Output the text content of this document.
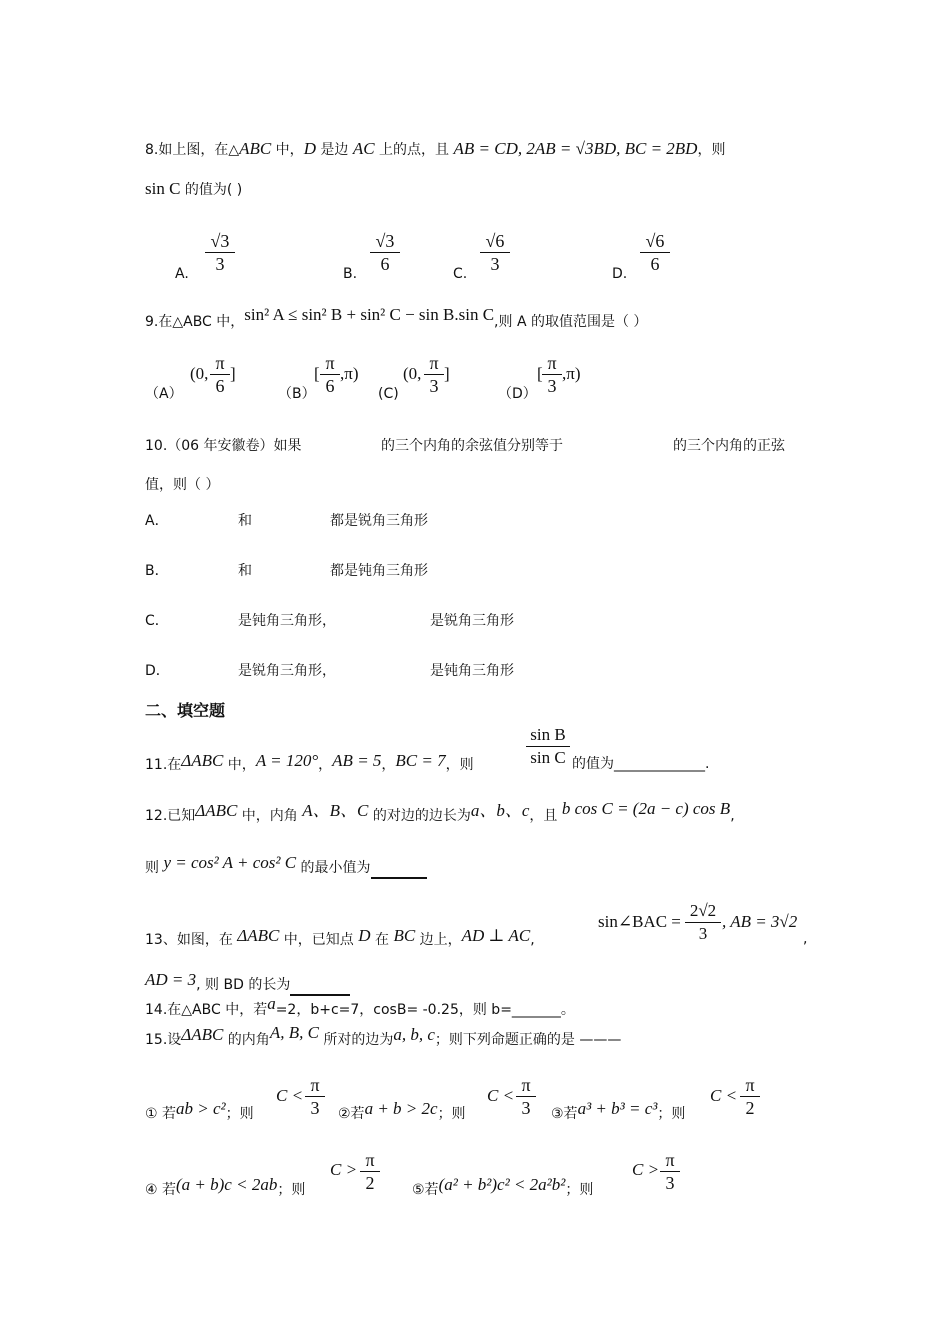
8.如上图，在△ABC 中，D 是边 AC 上的点，且 AB = CD, 2AB = √3BD, BC = 2BD，则
sin C 的值为( )
A. $\frac{√3}{3}$	B. $\frac{√3}{6}$	C. $\frac{√6}{3}$	D. $\frac{√6}{6}$
9.在△ABC 中，sin² A ≤ sin² B + sin² C − sin B.sin C,则 A 的取值范围是（ ）
（A）
(0, $\frac{\pi}{6}$ ]
（B）
[ $\frac{\pi}{6} ,\pi$)
(C)
(0, $\frac{\pi}{3}$ ]
（D）
[ $\frac{\pi}{3} ,\pi$)
10.（06 年安徽卷）如果	的三个内角的余弦值分别等于	的三个内角的正弦
值，则（ ）
A．	和	都是锐角三角形
B．	和	都是钝角三角形
C．	是钝角三角形，	是锐角三角形
D．	是锐角三角形，	是钝角三角形
二、填空题
11.在ΔABC 中，A = 120°，AB = 5，BC = 7，则	$\frac{\text{sin B}}{\text{sin C}}$ 的值为_____________.
12.已知ΔABC 中，内角 A、B、C 的对边的边长为a、b、c，且 b cos C = (2a − c) cos B,
则 y = cos² A + cos² C 的最小值为
13、如图，在 ΔABC 中，已知点 D 在 BC 边上，AD ⊥ AC,
sin∠BAC = $\frac{2√2}{3}$ , AB = 3√2
,
AD = 3, 则 BD 的长为
14.在△ABC 中，若a=2，b+c=7，cosB= -0.25，则 b=_______。
15.设ΔABC 的内角A, B, C 所对的边为a, b, c；则下列命题正确的是 ———
① 若ab > c²；则
$C < \frac{\pi}{3}$ ②若a + b > 2c；则
$C < \frac{\pi}{3}$ ③若a³ + b³ = c³；则
$C < \frac{\pi}{2}$
④ 若(a + b)c < 2ab；则
$C > \frac{\pi}{2}$ ⑤若(a² + b²)c² < 2a²b²；则
$C > \frac{\pi}{3}$
